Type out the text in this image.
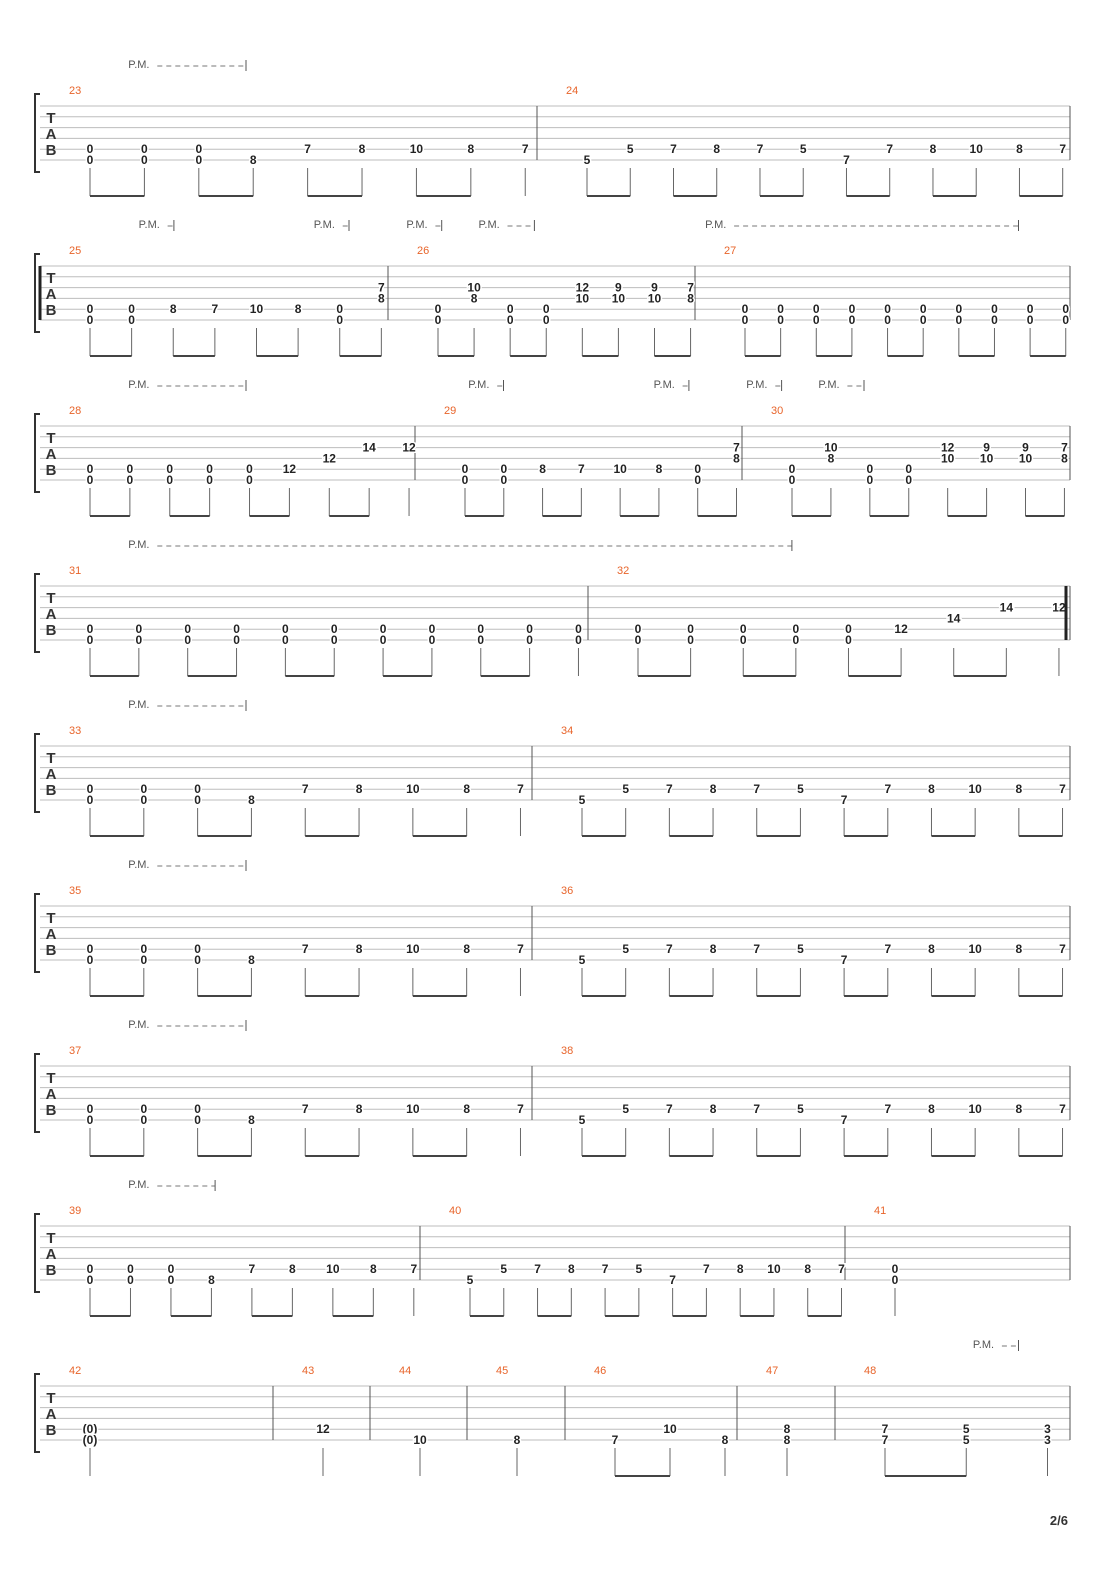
T
A
B
P.M.
23
0
0
0
0
0
0	8
7	8	10	8	7
24
5
5	7	8	7	5
7
7	8	10	8	7
T
A
B
P.M.	P.M.	P.M.	P.M.	P.M.
25
0
0
0
0
8	7	10	8	0
0
7
8
26
0
0
10
8
0
0
0
0
12
10
9
10
9
10
7
8
27
0
0
0
0
0
0
0
0
0
0
0
0
0
0
0
0
0
0
0
0
T
A
B
P.M.	P.M.	P.M.	P.M.	P.M.
28
0
0
0
0
0
0
0
0
0
0
12
12
14 12
29
0
0
0
0
8	7 10 8	0
0
7
8
30
0
0
10
8
0
0
0
0
12
10
9
10
9
10
7
8
T
A
B
P.M.
31
0
0
0
0
0
0
0
0
0
0
0
0
0
0
0
0
0
0
0
0
0
0
32
0
0
0
0
0
0
0
0
0
0
12
14
14	12
T
A
B
P.M.
33
0
0
0
0
0
0	8
7	8	10	8	7
34
5
5	7	8	7	5
7
7	8	10	8	7
T
A
B
P.M.
35
0
0
0
0
0
0	8
7	8	10	8	7
36
5
5	7	8	7	5
7
7	8	10	8	7
T
A
B
P.M.
37
0
0
0
0
0
0	8
7	8	10	8	7
38
5
5	7	8	7	5
7
7	8	10	8	7
T
A
B
P.M.
39
0
0
0
0
0
0	8
7	8	10	8	7
40
5
5 7 8 7 5
7
7 8 10 8 7
41
0
0
T
A
B
P.M.
42
(0)
(0)
43
12
44
10
45
8
46
7
10
8
47
8
8
48
7
7
5
5
3
3
2/6
